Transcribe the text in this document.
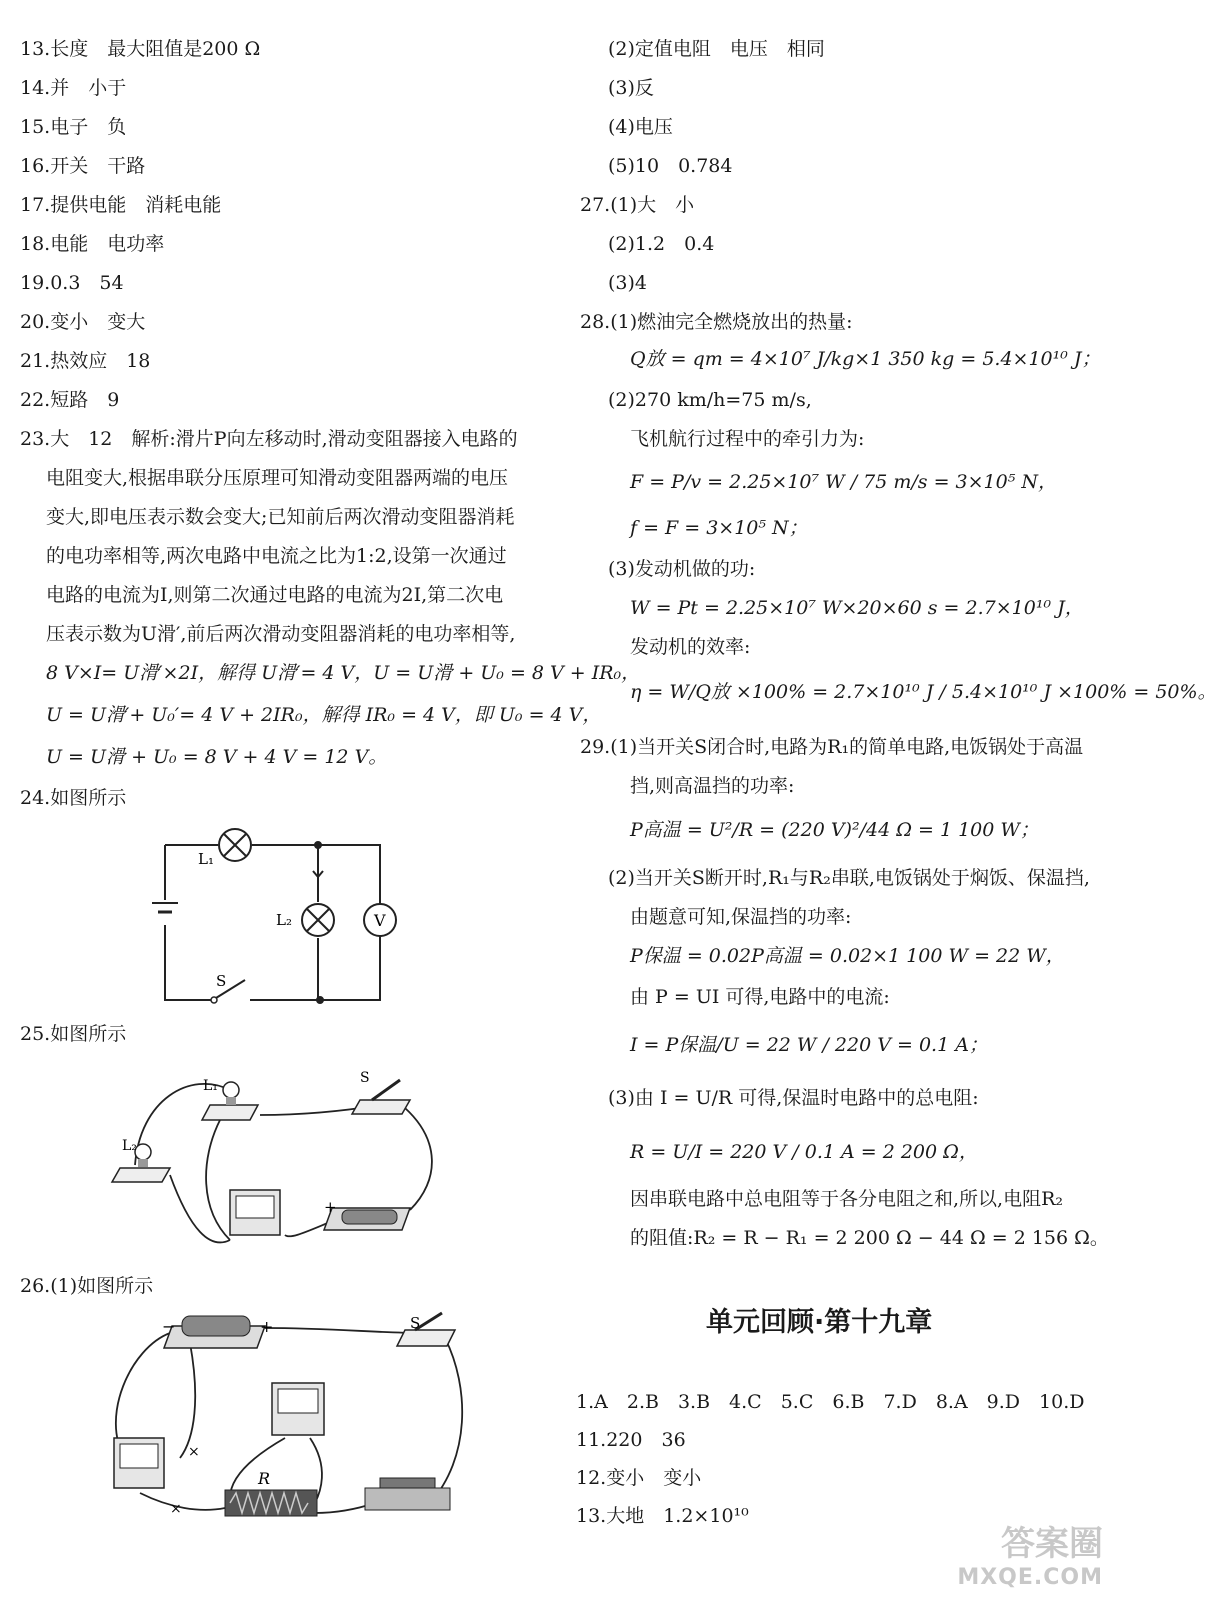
13.长度　最大阻值是200 Ω
14.并　小于
15.电子　负
16.开关　干路
17.提供电能　消耗电能
18.电能　电功率
19.0.3　54
20.变小　变大
21.热效应　18
22.短路　9
23.大　12　解析:滑片P向左移动时,滑动变阻器接入电路的
电阻变大,根据串联分压原理可知滑动变阻器两端的电压
变大,即电压表示数会变大;已知前后两次滑动变阻器消耗
的电功率相等,两次电路中电流之比为1:2,设第一次通过
电路的电流为I,则第二次通过电路的电流为2I,第二次电
压表示数为U滑′,前后两次滑动变阻器消耗的电功率相等,
8 V×I= U滑′×2I，解得 U滑′= 4 V，U = U滑 + U₀ = 8 V + IR₀，
U = U滑′+ U₀′= 4 V + 2IR₀，解得 IR₀ = 4 V，即 U₀ = 4 V，
U = U滑 + U₀ = 8 V + 4 V = 12 V。
24.如图所示
L₁
L₂
S
V
25.如图所示
L₂
L₁	S
+
26.(1)如图所示
×
×
−	+	S
R
(2)定值电阻　电压　相同
(3)反
(4)电压
(5)10　0.784
27.(1)大　小
(2)1.2　0.4
(3)4
28.(1)燃油完全燃烧放出的热量:
Q放 = qm = 4×10⁷ J/kg×1 350 kg = 5.4×10¹⁰ J；
(2)270 km/h=75 m/s,
飞机航行过程中的牵引力为:
F = P/v = 2.25×10⁷ W / 75 m/s = 3×10⁵ N，
f = F = 3×10⁵ N；
(3)发动机做的功:
W = Pt = 2.25×10⁷ W×20×60 s = 2.7×10¹⁰ J，
发动机的效率:
η = W/Q放 ×100% = 2.7×10¹⁰ J / 5.4×10¹⁰ J ×100% = 50%。
29.(1)当开关S闭合时,电路为R₁的简单电路,电饭锅处于高温
挡,则高温挡的功率:
P高温 = U²/R = (220 V)²/44 Ω = 1 100 W；
(2)当开关S断开时,R₁与R₂串联,电饭锅处于焖饭、保温挡,
由题意可知,保温挡的功率:
P保温 = 0.02P高温 = 0.02×1 100 W = 22 W，
由 P = UI 可得,电路中的电流:
I = P保温/U = 22 W / 220 V = 0.1 A；
(3)由 I = U/R 可得,保温时电路中的总电阻:
R = U/I = 220 V / 0.1 A = 2 200 Ω，
因串联电路中总电阻等于各分电阻之和,所以,电阻R₂
的阻值:R₂ = R − R₁ = 2 200 Ω − 44 Ω = 2 156 Ω。
单元回顾·第十九章
1.A　2.B　3.B　4.C　5.C　6.B　7.D　8.A　9.D　10.D
11.220　36
12.变小　变小
13.大地　1.2×10¹⁰
答案圈
MXQE.COM
